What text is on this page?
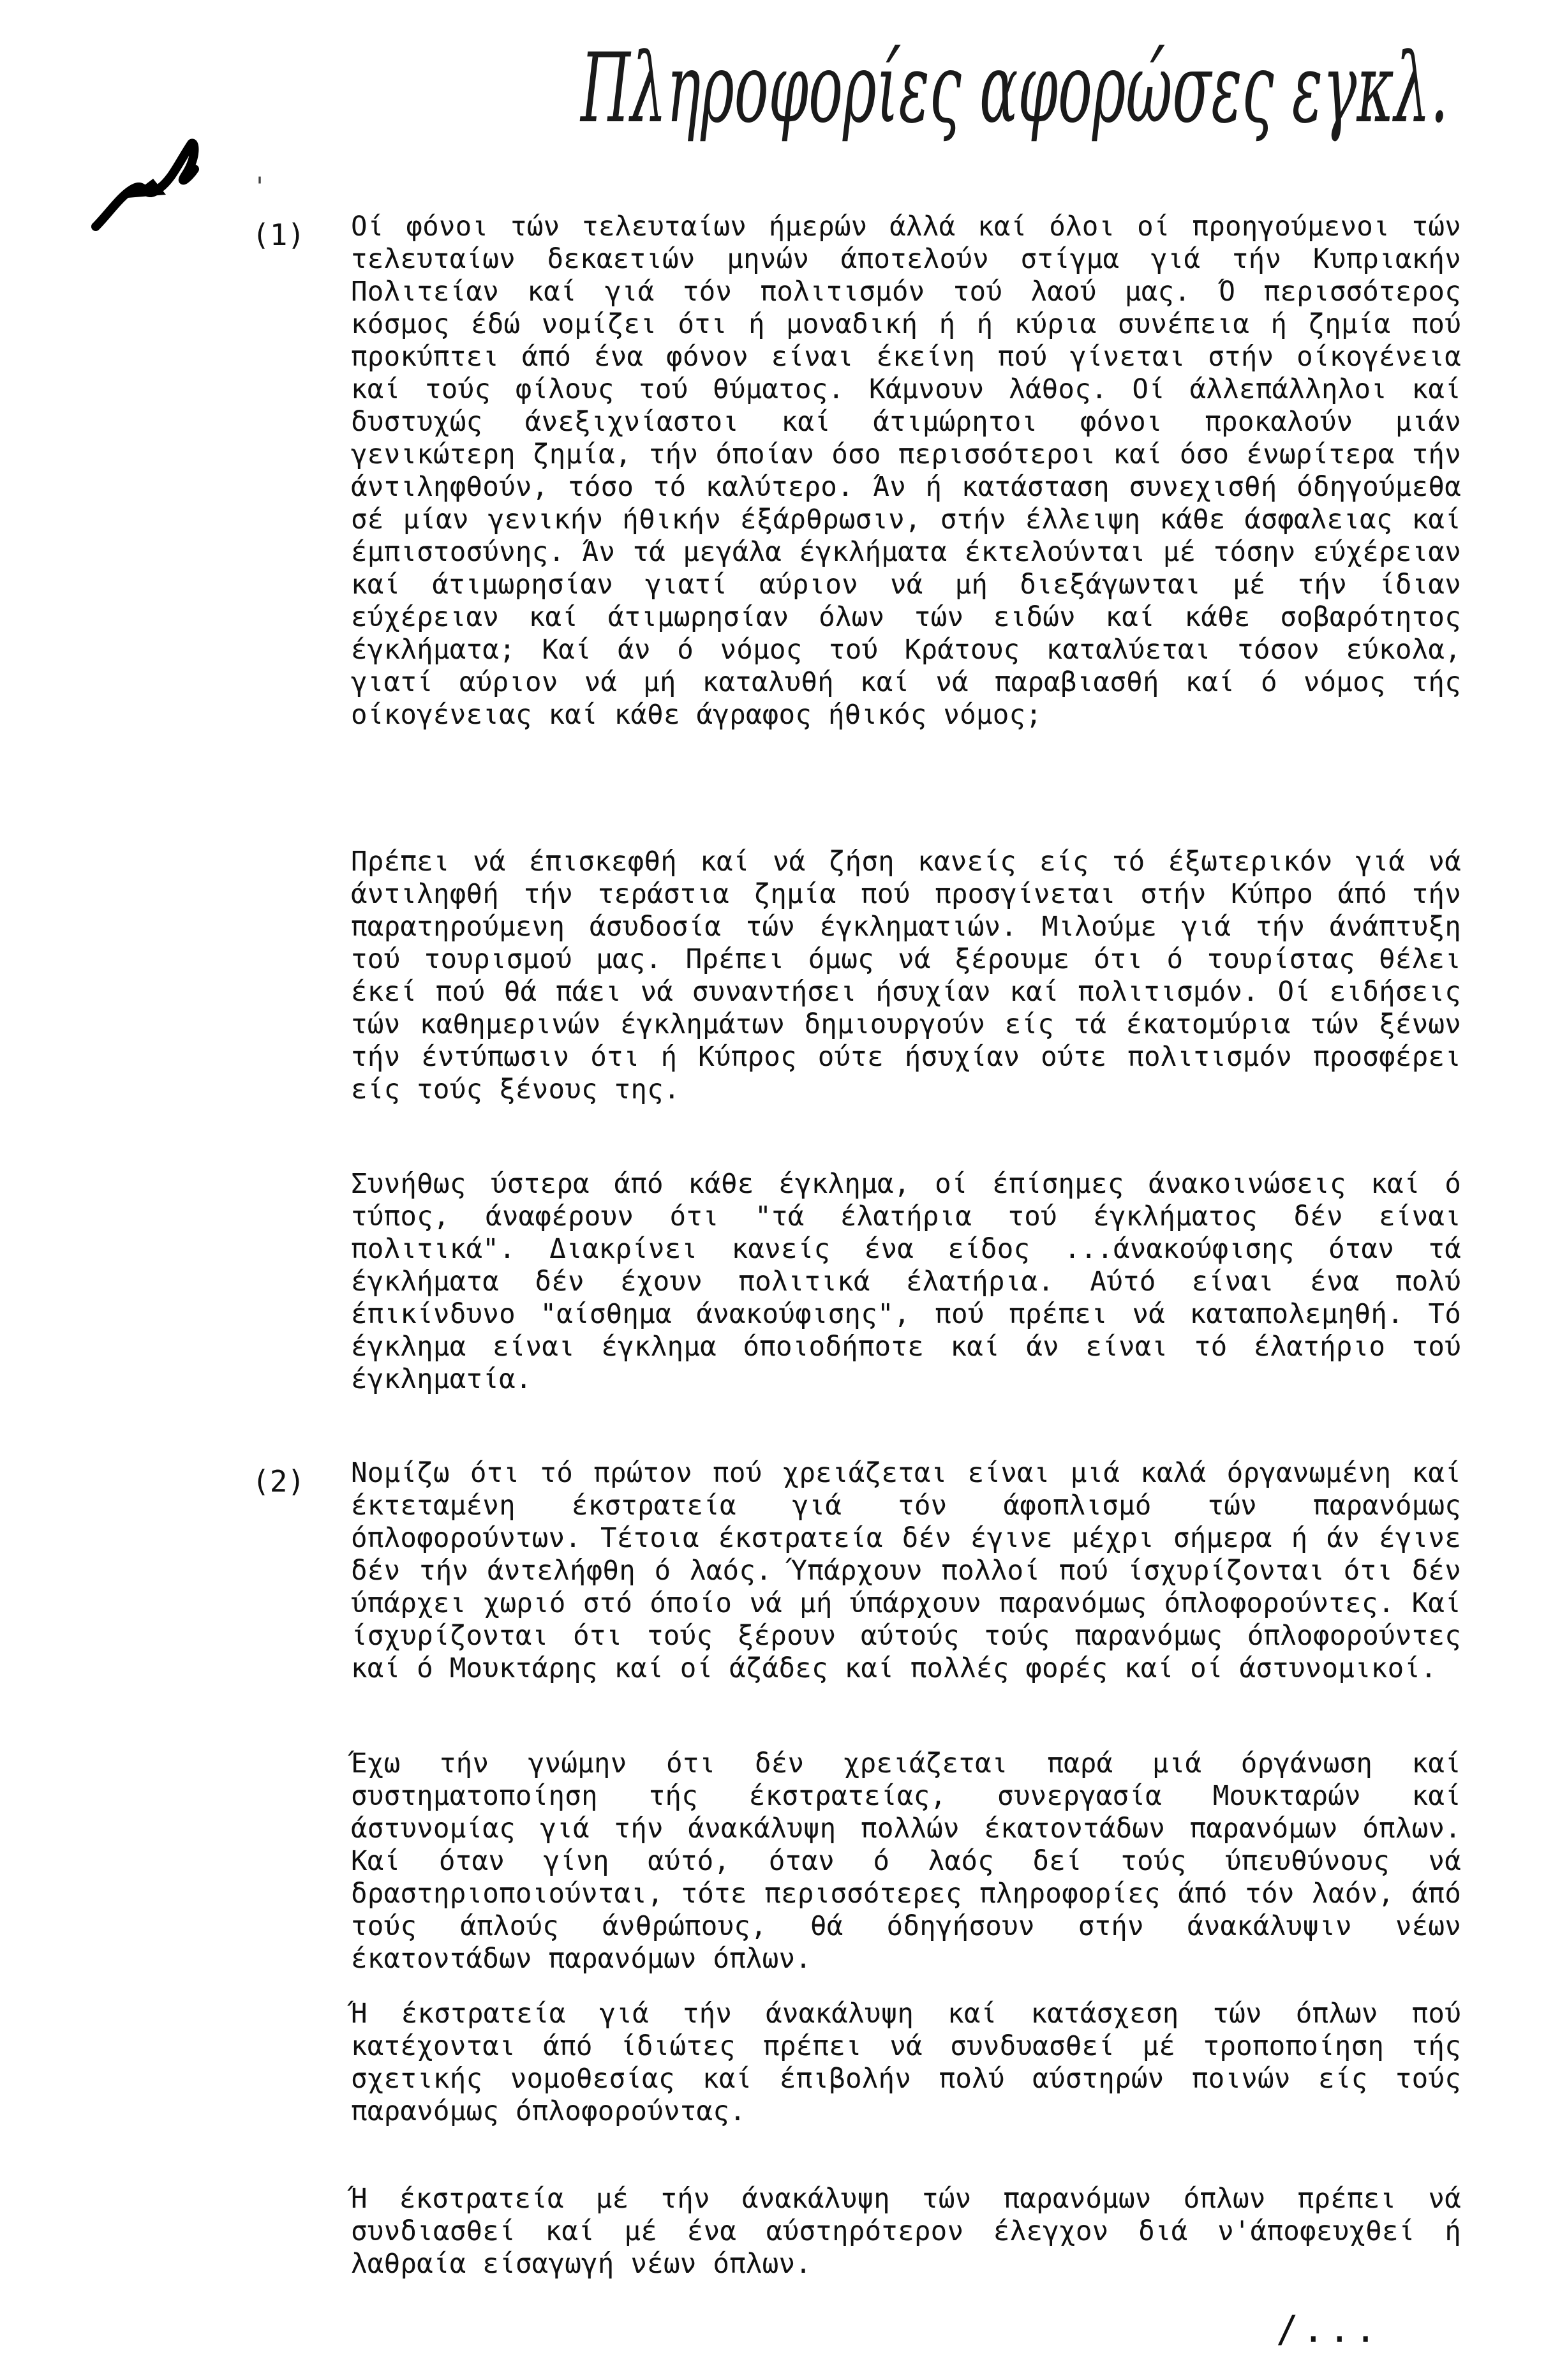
Πληροφορίες αφορώσες εγκλ.
'
(1) Οί φόνοι τών τελευταίων ήμερών άλλά καί όλοι οί προηγούμενοι τών τελευταίων δεκαετιών μηνών άποτελούν στίγμα γιά τήν Κυπριακήν Πολιτείαν καί γιά τόν πολιτισμόν τού λαού μας. Ό περισσότερος κόσμος έδώ νομίζει ότι ή μοναδική ή ή κύρια συνέπεια ή ζημία πού προκύπτει άπό ένα φόνον είναι έκείνη πού γίνεται στήν οίκογένεια καί τούς φίλους τού θύματος. Κάμνουν λάθος. Οί άλλεπάλληλοι καί δυστυχώς άνεξιχνίαστοι καί άτιμώρητοι φόνοι προκαλούν μιάν γενικώτερη ζημία, τήν όποίαν όσο περισσότεροι καί όσο ένωρίτερα τήν άντιληφθούν, τόσο τό καλύτερο. Άν ή κατάσταση συνεχισθή όδηγούμεθα σέ μίαν γενικήν ήθικήν έξάρθρωσιν, στήν έλλειψη κάθε άσφαλειας καί έμπιστοσύνης. Άν τά μεγάλα έγκλήματα έκτελούνται μέ τόσην εύχέρειαν καί άτιμωρησίαν γιατί αύριον νά μή διεξάγωνται μέ τήν ίδιαν εύχέρειαν καί άτιμωρησίαν όλων τών ειδών καί κάθε σοβαρότητος έγκλήματα; Καί άν ό νόμος τού Κράτους καταλύεται τόσον εύκολα, γιατί αύριον νά μή καταλυθή καί νά παραβιασθή καί ό νόμος τής οίκογένειας καί κάθε άγραφος ήθικός νόμος;

Πρέπει νά έπισκεφθή καί νά ζήση κανείς είς τό έξωτερικόν γιά νά άντιληφθή τήν τεράστια ζημία πού προσγίνεται στήν Κύπρο άπό τήν παρατηρούμενη άσυδοσία τών έγκληματιών. Μιλούμε γιά τήν άνάπτυξη τού τουρισμού μας. Πρέπει όμως νά ξέρουμε ότι ό τουρίστας θέλει έκεί πού θά πάει νά συναντήσει ήσυχίαν καί πολιτισμόν. Οί ειδήσεις τών καθημερινών έγκλημάτων δημιουργούν είς τά έκατομύρια τών ξένων τήν έντύπωσιν ότι ή Κύπρος ούτε ήσυχίαν ούτε πολιτισμόν προσφέρει είς τούς ξένους της.

Συνήθως ύστερα άπό κάθε έγκλημα, οί έπίσημες άνακοινώσεις καί ό τύπος, άναφέρουν ότι "τά έλατήρια τού έγκλήματος δέν είναι πολιτικά". Διακρίνει κανείς ένα είδος ...άνακούφισης όταν τά έγκλήματα δέν έχουν πολιτικά έλατήρια. Αύτό είναι ένα πολύ έπικίνδυνο "αίσθημα άνακούφισης", πού πρέπει νά καταπολεμηθή. Τό έγκλημα είναι έγκλημα όποιοδήποτε καί άν είναι τό έλατήριο τού έγκληματία.

(2) Νομίζω ότι τό πρώτον πού χρειάζεται είναι μιά καλά όργανωμένη καί έκτεταμένη έκστρατεία γιά τόν άφοπλισμό τών παρανόμως όπλοφορούντων. Τέτοια έκστρατεία δέν έγινε μέχρι σήμερα ή άν έγινε δέν τήν άντελήφθη ό λαός. Ύπάρχουν πολλοί πού ίσχυρίζονται ότι δέν ύπάρχει χωριό στό όποίο νά μή ύπάρχουν παρανόμως όπλοφορούντες. Καί ίσχυρίζονται ότι τούς ξέρουν αύτούς τούς παρανόμως όπλοφορούντες καί ό Μουκτάρης καί οί άζάδες καί πολλές φορές καί οί άστυνομικοί.

Έχω τήν γνώμην ότι δέν χρειάζεται παρά μιά όργάνωση καί συστηματοποίηση τής έκστρατείας, συνεργασία Μουκταρών καί άστυνομίας γιά τήν άνακάλυψη πολλών έκατοντάδων παρανόμων όπλων. Καί όταν γίνη αύτό, όταν ό λαός δεί τούς ύπευθύνους νά δραστηριοποιούνται, τότε περισσότερες πληροφορίες άπό τόν λαόν, άπό τούς άπλούς άνθρώπους, θά όδηγήσουν στήν άνακάλυψιν νέων έκατοντάδων παρανόμων όπλων.

Ή έκστρατεία γιά τήν άνακάλυψη καί κατάσχεση τών όπλων πού κατέχονται άπό ίδιώτες πρέπει νά συνδυασθεί μέ τροποποίηση τής σχετικής νομοθεσίας καί έπιβολήν πολύ αύστηρών ποινών είς τούς παρανόμως όπλοφορούντας.

Ή έκστρατεία μέ τήν άνακάλυψη τών παρανόμων όπλων πρέπει νά συνδιασθεί καί μέ ένα αύστηρότερον έλεγχον διά ν'άποφευχθεί ή λαθραία είσαγωγή νέων όπλων.

/...
